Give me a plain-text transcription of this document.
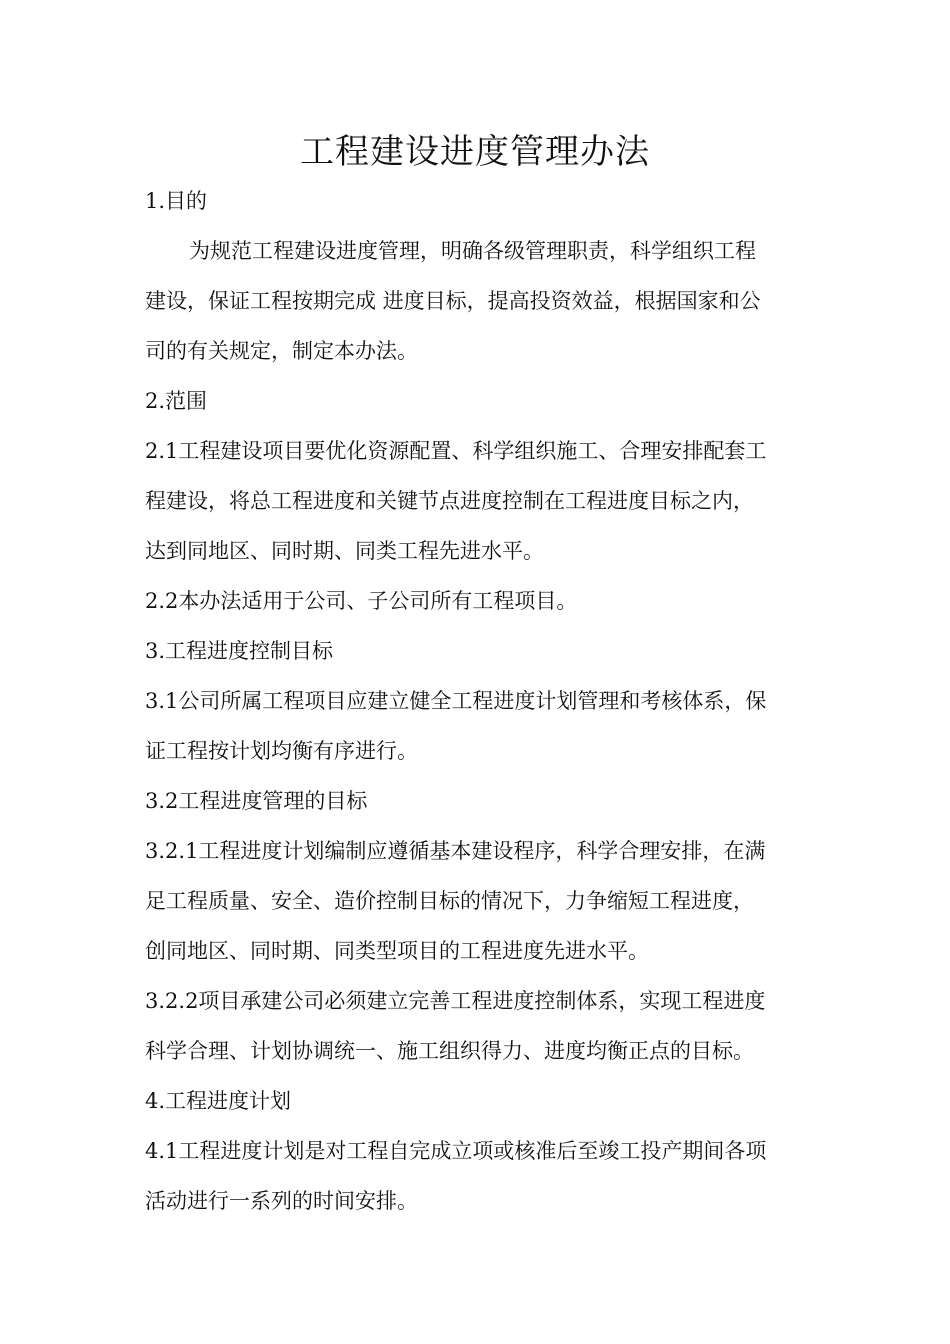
工程建设进度管理办法
1.目的
为规范工程建设进度管理，明确各级管理职责，科学组织工程
建设，保证工程按期完成 进度目标，提高投资效益，根据国家和公
司的有关规定，制定本办法。
2.范围
2.1工程建设项目要优化资源配置、科学组织施工、合理安排配套工
程建设，将总工程进度和关键节点进度控制在工程进度目标之内，
达到同地区、同时期、同类工程先进水平。
2.2本办法适用于公司、子公司所有工程项目。
3.工程进度控制目标
3.1公司所属工程项目应建立健全工程进度计划管理和考核体系，保
证工程按计划均衡有序进行。
3.2工程进度管理的目标
3.2.1工程进度计划编制应遵循基本建设程序，科学合理安排，在满
足工程质量、安全、造价控制目标的情况下，力争缩短工程进度，
创同地区、同时期、同类型项目的工程进度先进水平。
3.2.2项目承建公司必须建立完善工程进度控制体系，实现工程进度
科学合理、计划协调统一、施工组织得力、进度均衡正点的目标。
4.工程进度计划
4.1工程进度计划是对工程自完成立项或核准后至竣工投产期间各项
活动进行一系列的时间安排。
